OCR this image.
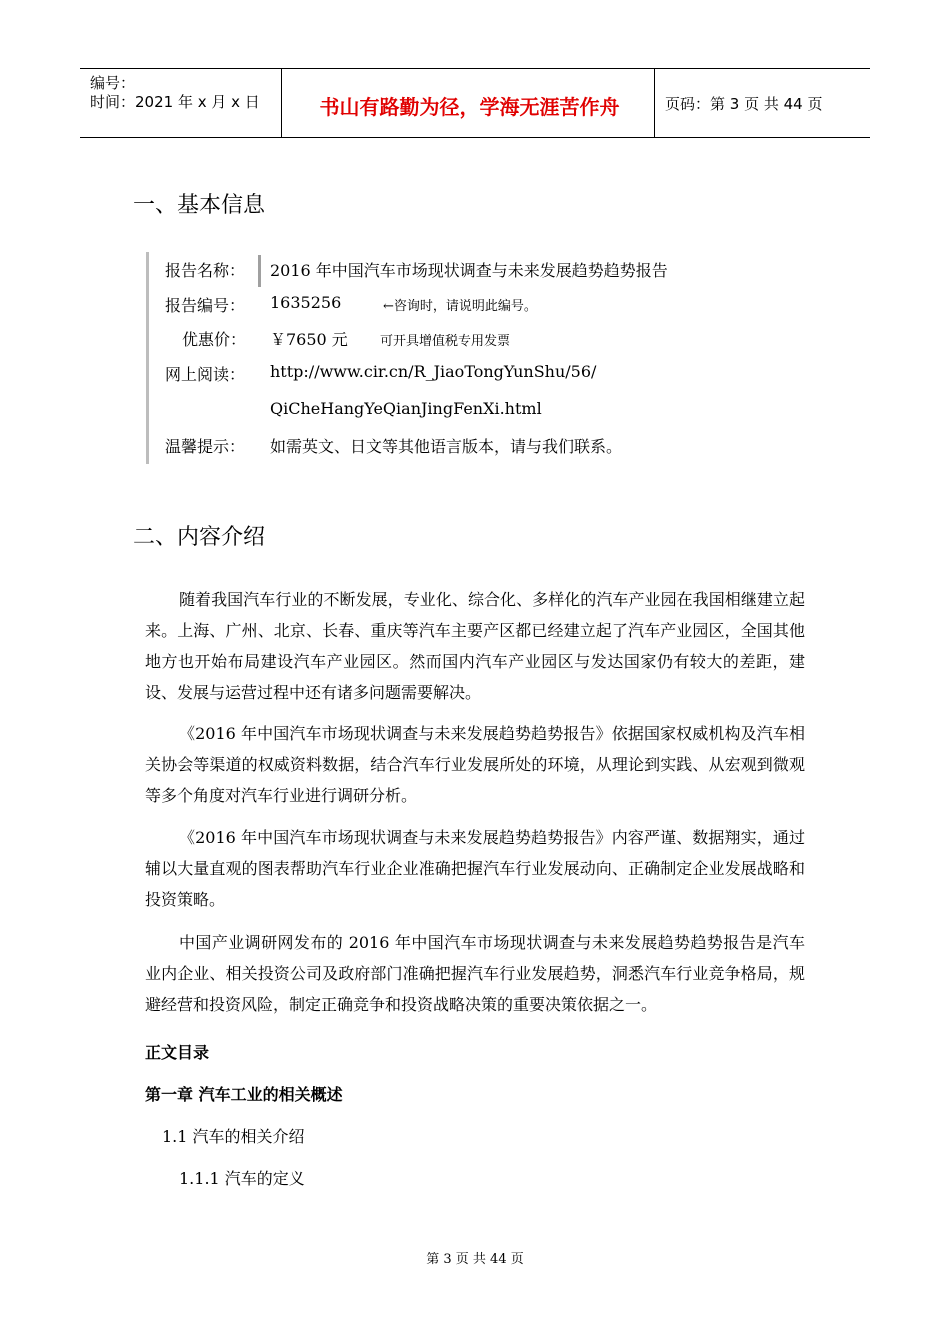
编号：
时间：2021 年 x 月 x 日	书山有路勤为径，学海无涯苦作舟	页码：第 3 页 共 44 页
一、基本信息
报告名称： 2016 年中国汽车市场现状调查与未来发展趋势趋势报告
报告编号： 1635256	←咨询时，请说明此编号。
优惠价： ￥7650 元 可开具增值税专用发票
网上阅读： http://www.cir.cn/R_JiaoTongYunShu/56/
QiCheHangYeQianJingFenXi.html
温馨提示： 如需英文、日文等其他语言版本，请与我们联系。
二、内容介绍
随着我国汽车行业的不断发展，专业化、综合化、多样化的汽车产业园在我国相继建立起来。上海、广州、北京、长春、重庆等汽车主要产区都已经建立起了汽车产业园区，全国其他地方也开始布局建设汽车产业园区。然而国内汽车产业园区与发达国家仍有较大的差距，建设、发展与运营过程中还有诸多问题需要解决。
《2016 年中国汽车市场现状调查与未来发展趋势趋势报告》依据国家权威机构及汽车相关协会等渠道的权威资料数据，结合汽车行业发展所处的环境，从理论到实践、从宏观到微观等多个角度对汽车行业进行调研分析。
《2016 年中国汽车市场现状调查与未来发展趋势趋势报告》内容严谨、数据翔实，通过辅以大量直观的图表帮助汽车行业企业准确把握汽车行业发展动向、正确制定企业发展战略和投资策略。
中国产业调研网发布的 2016 年中国汽车市场现状调查与未来发展趋势趋势报告是汽车业内企业、相关投资公司及政府部门准确把握汽车行业发展趋势，洞悉汽车行业竞争格局，规避经营和投资风险，制定正确竞争和投资战略决策的重要决策依据之一。
正文目录
第一章 汽车工业的相关概述
1.1 汽车的相关介绍
1.1.1 汽车的定义
第 3 页 共 44 页
